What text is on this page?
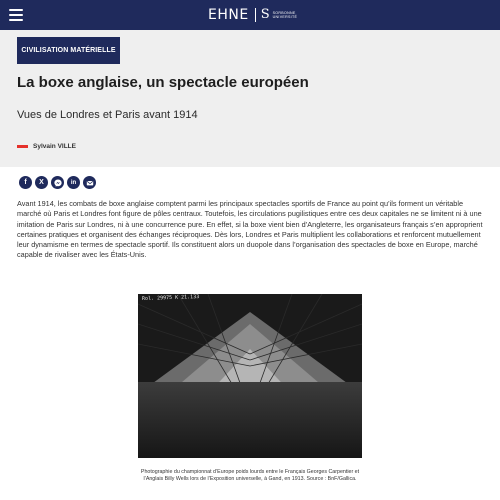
EHNE S SORBONNE
UNIVERSITÉ
CIVILISATION MATÉRIELLE
La boxe anglaise, un spectacle européen
Vues de Londres et Paris avant 1914
Sylvain VILLE
f X	in

Avant 1914, les combats de boxe anglaise comptent parmi les principaux spectacles sportifs de France au point qu’ils forment un véritable marché où Paris et Londres font figure de pôles centraux. Toutefois, les circulations pugilistiques entre ces deux capitales ne se limitent ni à une imitation de Paris sur Londres, ni à une concurrence pure. En effet, si la boxe vient bien d’Angleterre, les organisateurs français s’en approprient certaines pratiques et organisent des échanges réciproques. Dès lors, Londres et Paris multiplient les collaborations et renforcent mutuellement leur dynamisme en termes de spectacle sportif. Ils constituent alors un duopole dans l’organisation des spectacles de boxe en Europe, marché capable de rivaliser avec les États-Unis.

Rol. 29975 K 21.133

Photographie du championnat d’Europe poids lourds entre le Français Georges Carpentier et l’Anglais Billy Wells lors de l’Exposition universelle, à Gand, en 1913. Source : BnF/Gallica.
